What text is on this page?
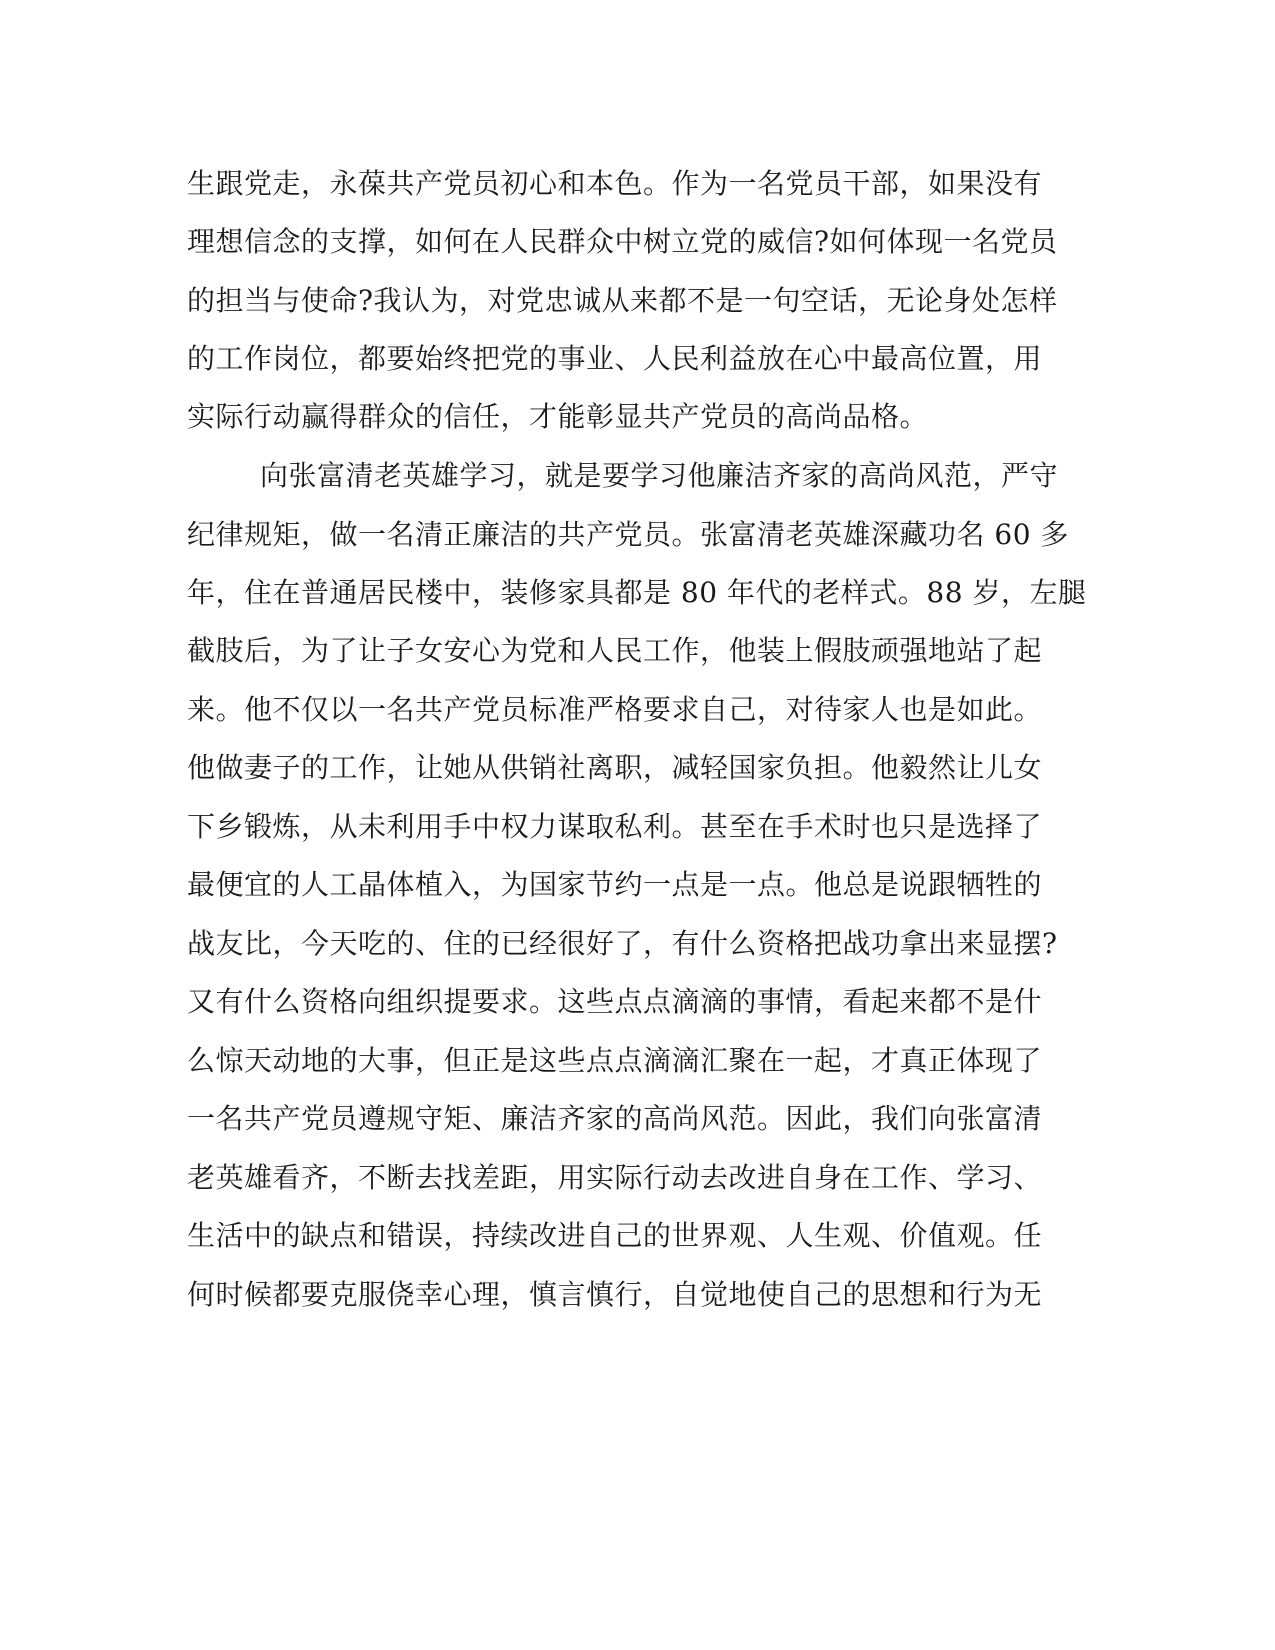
生跟党走，永葆共产党员初心和本色。作为一名党员干部，如果没有
理想信念的支撑，如何在人民群众中树立党的威信?如何体现一名党员
的担当与使命?我认为，对党忠诚从来都不是一句空话，无论身处怎样
的工作岗位，都要始终把党的事业、人民利益放在心中最高位置，用
实际行动赢得群众的信任，才能彰显共产党员的高尚品格。
向张富清老英雄学习，就是要学习他廉洁齐家的高尚风范，严守
纪律规矩，做一名清正廉洁的共产党员。张富清老英雄深藏功名 60 多
年，住在普通居民楼中，装修家具都是 80 年代的老样式。88 岁，左腿
截肢后，为了让子女安心为党和人民工作，他装上假肢顽强地站了起
来。他不仅以一名共产党员标准严格要求自己，对待家人也是如此。
他做妻子的工作，让她从供销社离职，减轻国家负担。他毅然让儿女
下乡锻炼，从未利用手中权力谋取私利。甚至在手术时也只是选择了
最便宜的人工晶体植入，为国家节约一点是一点。他总是说跟牺牲的
战友比，今天吃的、住的已经很好了，有什么资格把战功拿出来显摆?
又有什么资格向组织提要求。这些点点滴滴的事情，看起来都不是什
么惊天动地的大事，但正是这些点点滴滴汇聚在一起，才真正体现了
一名共产党员遵规守矩、廉洁齐家的高尚风范。因此，我们向张富清
老英雄看齐，不断去找差距，用实际行动去改进自身在工作、学习、
生活中的缺点和错误，持续改进自己的世界观、人生观、价值观。任
何时候都要克服侥幸心理，慎言慎行，自觉地使自己的思想和行为无
